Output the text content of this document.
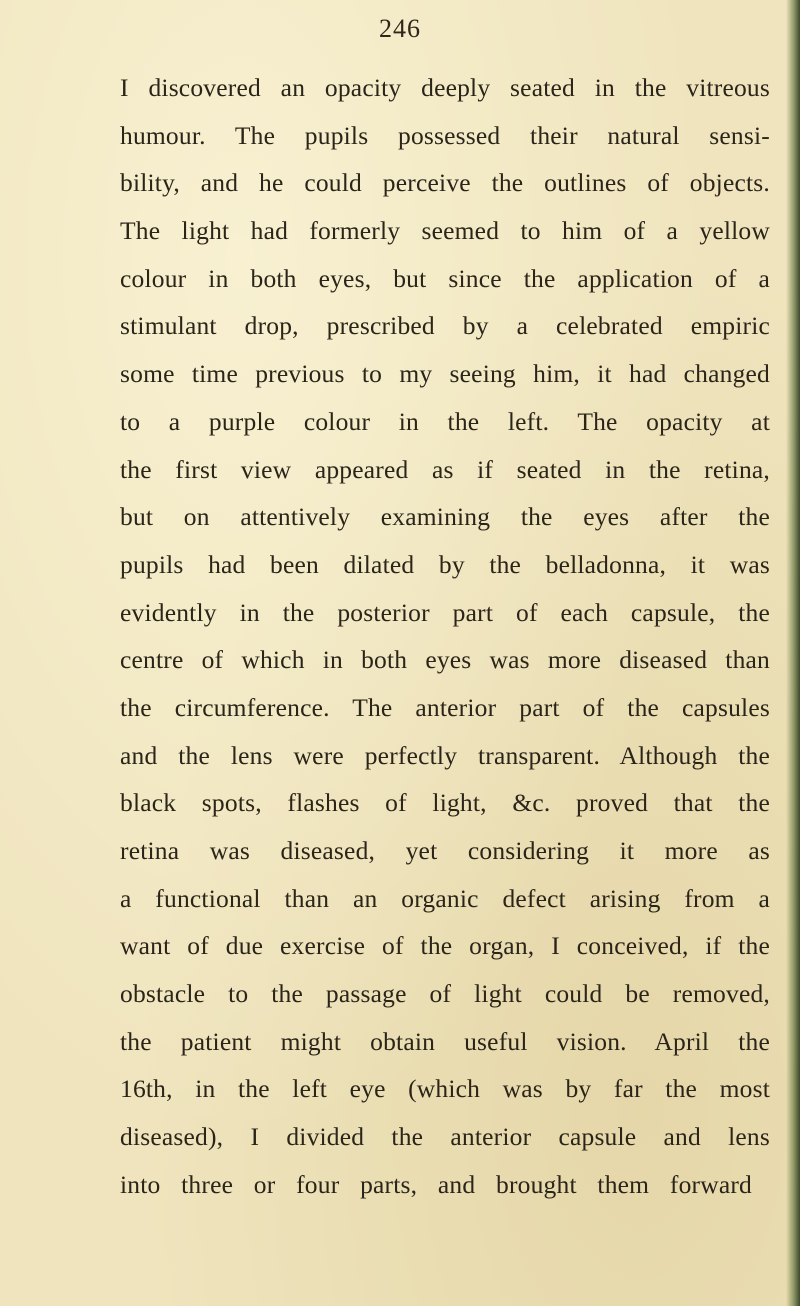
246
I discovered an opacity deeply seated in the vitreous
humour. The pupils possessed their natural sensi-
bility, and he could perceive the outlines of objects.
The light had formerly seemed to him of a yellow
colour in both eyes, but since the application of a
stimulant drop, prescribed by a celebrated empiric
some time previous to my seeing him, it had changed
to a purple colour in the left. The opacity at
the first view appeared as if seated in the retina,
but on attentively examining the eyes after the
pupils had been dilated by the belladonna, it was
evidently in the posterior part of each capsule, the
centre of which in both eyes was more diseased than
the circumference. The anterior part of the capsules
and the lens were perfectly transparent. Although the
black spots, flashes of light, &c. proved that the
retina was diseased, yet considering it more as
a functional than an organic defect arising from a
want of due exercise of the organ, I conceived, if the
obstacle to the passage of light could be removed,
the patient might obtain useful vision. April the
16th, in the left eye (which was by far the most
diseased), I divided the anterior capsule and lens
into three or four parts, and brought them forward
